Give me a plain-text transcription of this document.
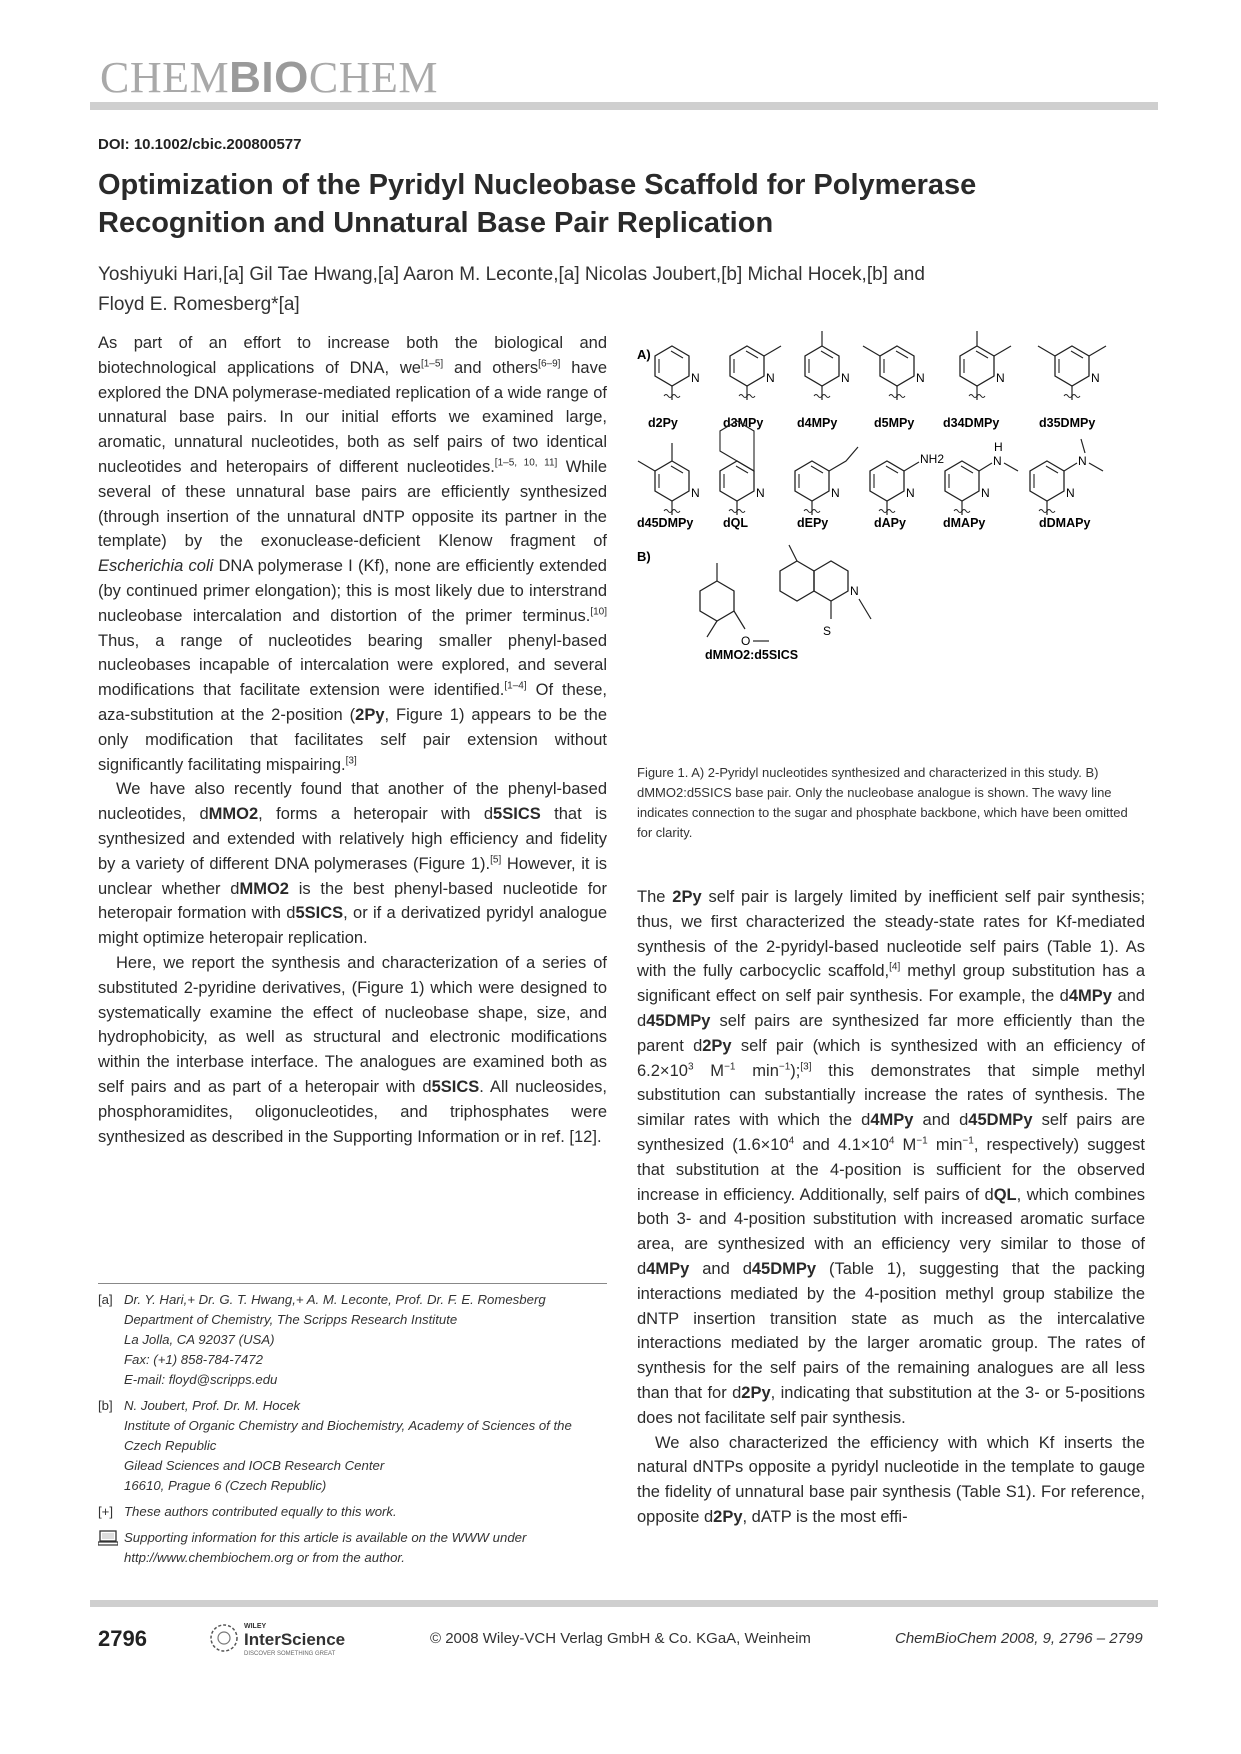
CHEMBIOCHEM
DOI: 10.1002/cbic.200800577
Optimization of the Pyridyl Nucleobase Scaffold for Polymerase Recognition and Unnatural Base Pair Replication
Yoshiyuki Hari,[a] Gil Tae Hwang,[a] Aaron M. Leconte,[a] Nicolas Joubert,[b] Michal Hocek,[b] and
Floyd E. Romesberg*[a]

As part of an effort to increase both the biological and biotechnological applications of DNA, we[1–5] and others[6–9] have explored the DNA polymerase-mediated replication of a wide range of unnatural base pairs. In our initial efforts we examined large, aromatic, unnatural nucleotides, both as self pairs of two identical nucleotides and heteropairs of different nucleotides.[1–5, 10, 11] While several of these unnatural base pairs are efficiently synthesized (through insertion of the unnatural dNTP opposite its partner in the template) by the exonuclease-deficient Klenow fragment of Escherichia coli DNA polymerase I (Kf), none are efficiently extended (by continued primer elongation); this is most likely due to interstrand nucleobase intercalation and distortion of the primer terminus.[10] Thus, a range of nucleotides bearing smaller phenyl-based nucleobases incapable of intercalation were explored, and several modifications that facilitate extension were identified.[1–4] Of these, aza-substitution at the 2-position (2Py, Figure 1) appears to be the only modification that facilitates self pair extension without significantly facilitating mispairing.[3]

We have also recently found that another of the phenyl-based nucleotides, dMMO2, forms a heteropair with d5SICS that is synthesized and extended with relatively high efficiency and fidelity by a variety of different DNA polymerases (Figure 1).[5] However, it is unclear whether dMMO2 is the best phenyl-based nucleotide for heteropair formation with d5SICS, or if a derivatized pyridyl analogue might optimize heteropair replication.

Here, we report the synthesis and characterization of a series of substituted 2-pyridine derivatives, (Figure 1) which were designed to systematically examine the effect of nucleobase shape, size, and hydrophobicity, as well as structural and electronic modifications within the interbase interface. The analogues are examined both as self pairs and as part of a heteropair with d5SICS. All nucleosides, phosphoramidites, oligonucleotides, and triphosphates were synthesized as described in the Supporting Information or in ref. [12].

[a] Dr. Y. Hari,+ Dr. G. T. Hwang,+ A. M. Leconte, Prof. Dr. F. E. Romesberg
Department of Chemistry, The Scripps Research Institute
La Jolla, CA 92037 (USA)
Fax: (+1) 858-784-7472
E-mail: floyd@scripps.edu
[b] N. Joubert, Prof. Dr. M. Hocek
Institute of Organic Chemistry and Biochemistry, Academy of Sciences of the Czech Republic
Gilead Sciences and IOCB Research Center
16610, Prague 6 (Czech Republic)
[+] These authors contributed equally to this work.
Supporting information for this article is available on the WWW under
http://www.chembiochem.org or from the author.
A)
B)
N	N	N	N	N	N
d2Py	d3MPy	d4MPy	d5MPy d34DMPy	d35DMPy
N	N	N
NH2
N
N
H
N
N
N
d45DMPy dQL	dEPy	dAPy	dMAPy	dDMAPy
O
S
N
dMMO2:d5SICS
Figure 1. A) 2-Pyridyl nucleotides synthesized and characterized in this study. B) dMMO2:d5SICS base pair. Only the nucleobase analogue is shown. The wavy line indicates connection to the sugar and phosphate backbone, which have been omitted for clarity.

The 2Py self pair is largely limited by inefficient self pair synthesis; thus, we first characterized the steady-state rates for Kf-mediated synthesis of the 2-pyridyl-based nucleotide self pairs (Table 1). As with the fully carbocyclic scaffold,[4] methyl group substitution has a significant effect on self pair synthesis. For example, the d4MPy and d45DMPy self pairs are synthesized far more efficiently than the parent d2Py self pair (which is synthesized with an efficiency of $6.2\times 10^3$ $M^{-1}$ $\min^{-1});[3]$ this demonstrates that simple methyl substitution can substantially increase the rates of synthesis. The similar rates with which the d4MPy and d45DMPy self pairs are synthesized ($1.6\times 10^4$ and $4.1\times 10^4$ $M^{-1}$ $\min^{-1}$, respectively) suggest that substitution at the 4-position is sufficient for the observed increase in efficiency. Additionally, self pairs of dQL, which combines both 3- and 4-position substitution with increased aromatic surface area, are synthesized with an efficiency very similar to those of d4MPy and d45DMPy (Table 1), suggesting that the packing interactions mediated by the 4-position methyl group stabilize the dNTP insertion transition state as much as the intercalative interactions mediated by the larger aromatic group. The rates of synthesis for the self pairs of the remaining analogues are all less than that for d2Py, indicating that substitution at the 3- or 5-positions does not facilitate self pair synthesis.

We also characterized the efficiency with which Kf inserts the natural dNTPs opposite a pyridyl nucleotide in the template to gauge the fidelity of unnatural base pair synthesis (Table S1). For reference, opposite d2Py, dATP is the most effi-

2796	WILEY
InterScience
DISCOVER SOMETHING GREAT
© 2008 Wiley-VCH Verlag GmbH & Co. KGaA, Weinheim	ChemBioChem 2008, 9, 2796 – 2799
